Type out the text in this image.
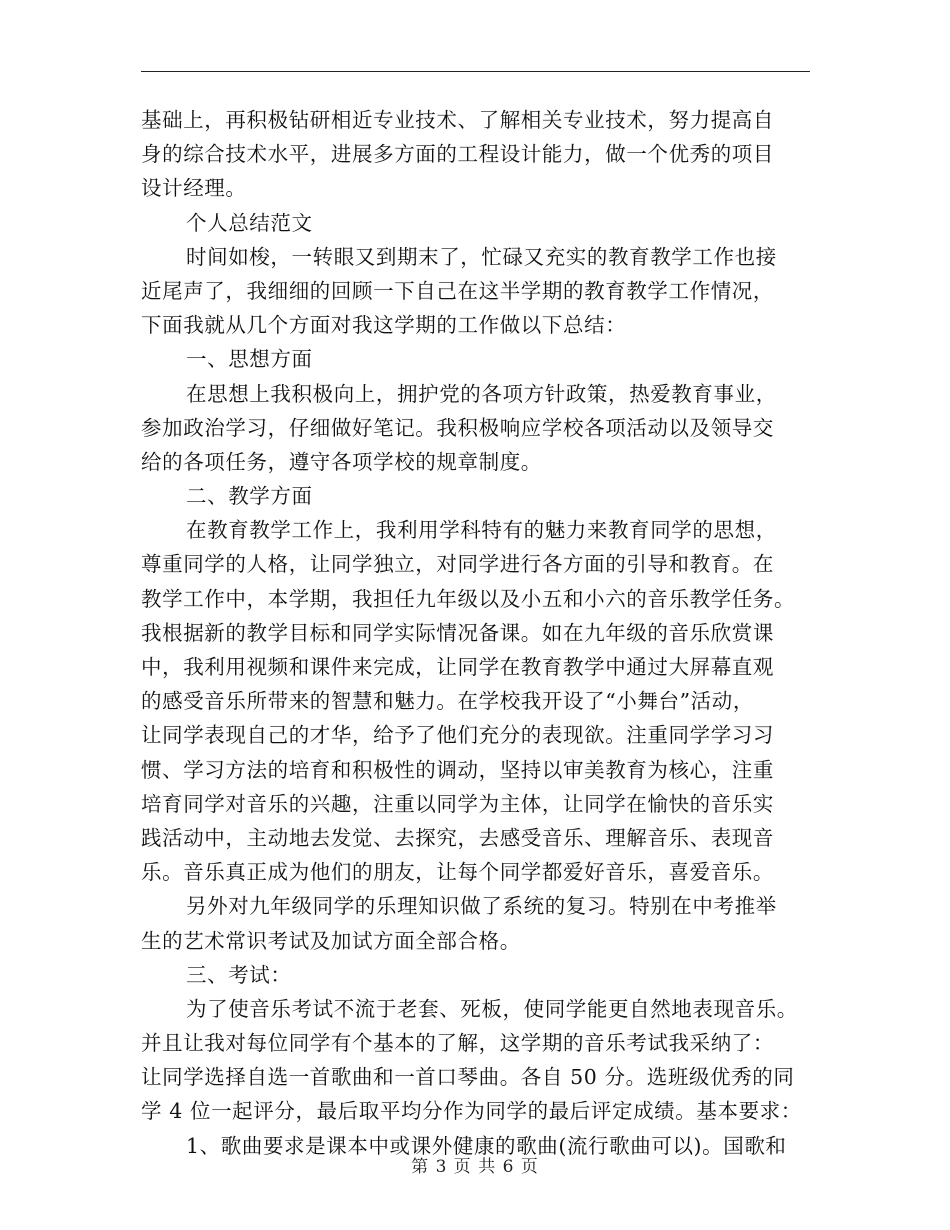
基础上，再积极钻研相近专业技术、了解相关专业技术，努力提高自
身的综合技术水平，进展多方面的工程设计能力，做一个优秀的项目
设计经理。
个人总结范文
时间如梭，一转眼又到期末了，忙碌又充实的教育教学工作也接
近尾声了，我细细的回顾一下自己在这半学期的教育教学工作情况，
下面我就从几个方面对我这学期的工作做以下总结：
一、思想方面
在思想上我积极向上，拥护党的各项方针政策，热爱教育事业，
参加政治学习，仔细做好笔记。我积极响应学校各项活动以及领导交
给的各项任务，遵守各项学校的规章制度。
二、教学方面
在教育教学工作上，我利用学科特有的魅力来教育同学的思想，
尊重同学的人格，让同学独立，对同学进行各方面的引导和教育。在
教学工作中，本学期，我担任九年级以及小五和小六的音乐教学任务。
我根据新的教学目标和同学实际情况备课。如在九年级的音乐欣赏课
中，我利用视频和课件来完成，让同学在教育教学中通过大屏幕直观
的感受音乐所带来的智慧和魅力。在学校我开设了“小舞台”活动，
让同学表现自己的才华，给予了他们充分的表现欲。注重同学学习习
惯、学习方法的培育和积极性的调动，坚持以审美教育为核心，注重
培育同学对音乐的兴趣，注重以同学为主体，让同学在愉快的音乐实
践活动中，主动地去发觉、去探究，去感受音乐、理解音乐、表现音
乐。音乐真正成为他们的朋友，让每个同学都爱好音乐，喜爱音乐。
另外对九年级同学的乐理知识做了系统的复习。特别在中考推举
生的艺术常识考试及加试方面全部合格。
三、考试：
为了使音乐考试不流于老套、死板，使同学能更自然地表现音乐。
并且让我对每位同学有个基本的了解，这学期的音乐考试我采纳了：
让同学选择自选一首歌曲和一首口琴曲。各自 50 分。选班级优秀的同
学 4 位一起评分，最后取平均分作为同学的最后评定成绩。基本要求：
1、歌曲要求是课本中或课外健康的歌曲(流行歌曲可以)。国歌和
第 3 页 共 6 页
